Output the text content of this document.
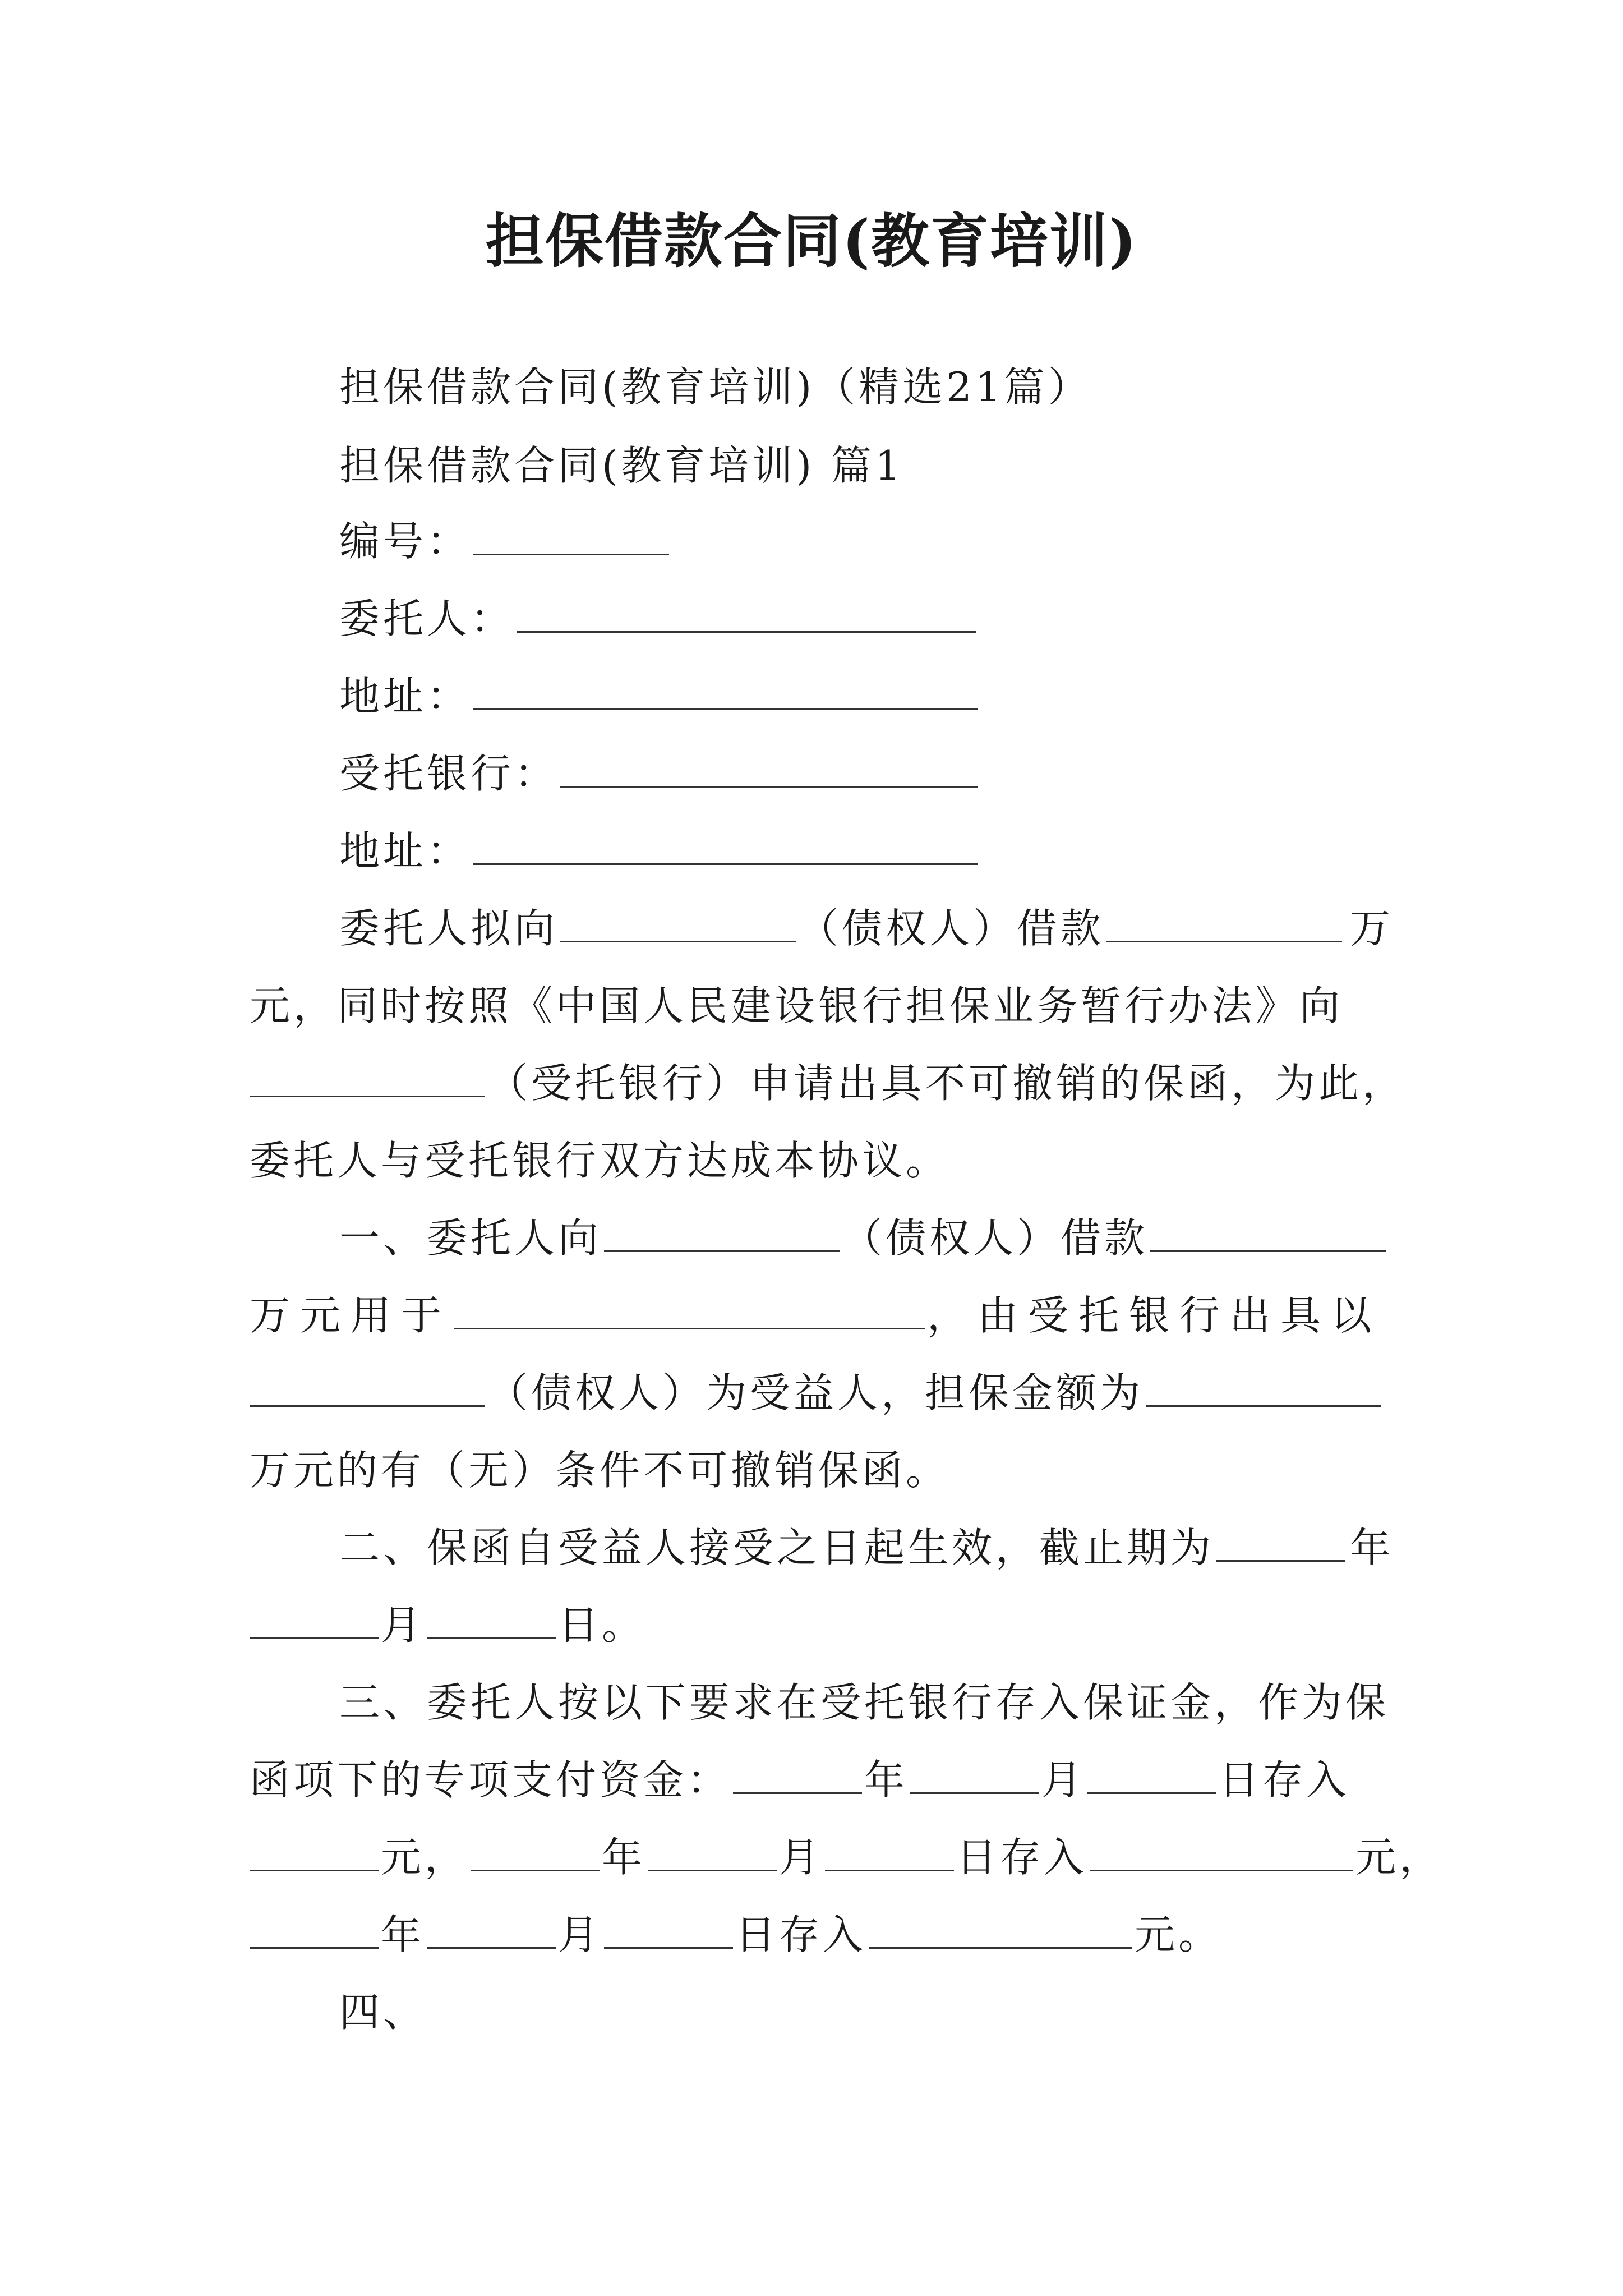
担保借款合同(教育培训)
担保借款合同(教育培训)（精选21篇）
担保借款合同(教育培训) 篇1
编号：
委托人：
地址：
受托银行：
地址：
委托人拟向	（债权人）借款	万
元，同时按照《中国人民建设银行担保业务暂行办法》向
（受托银行）申请出具不可撤销的保函，为此，
委托人与受托银行双方达成本协议。
一、委托人向	（债权人）借款
万元用于	，由受托银行出具以
（债权人）为受益人，担保金额为
万元的有（无）条件不可撤销保函。
二、保函自受益人接受之日起生效，截止期为	年
月	日。
三、委托人按以下要求在受托银行存入保证金，作为保
函项下的专项支付资金：	年	月	日存入
元，	年	月	日存入	元，
年	月	日存入	元。
四、
